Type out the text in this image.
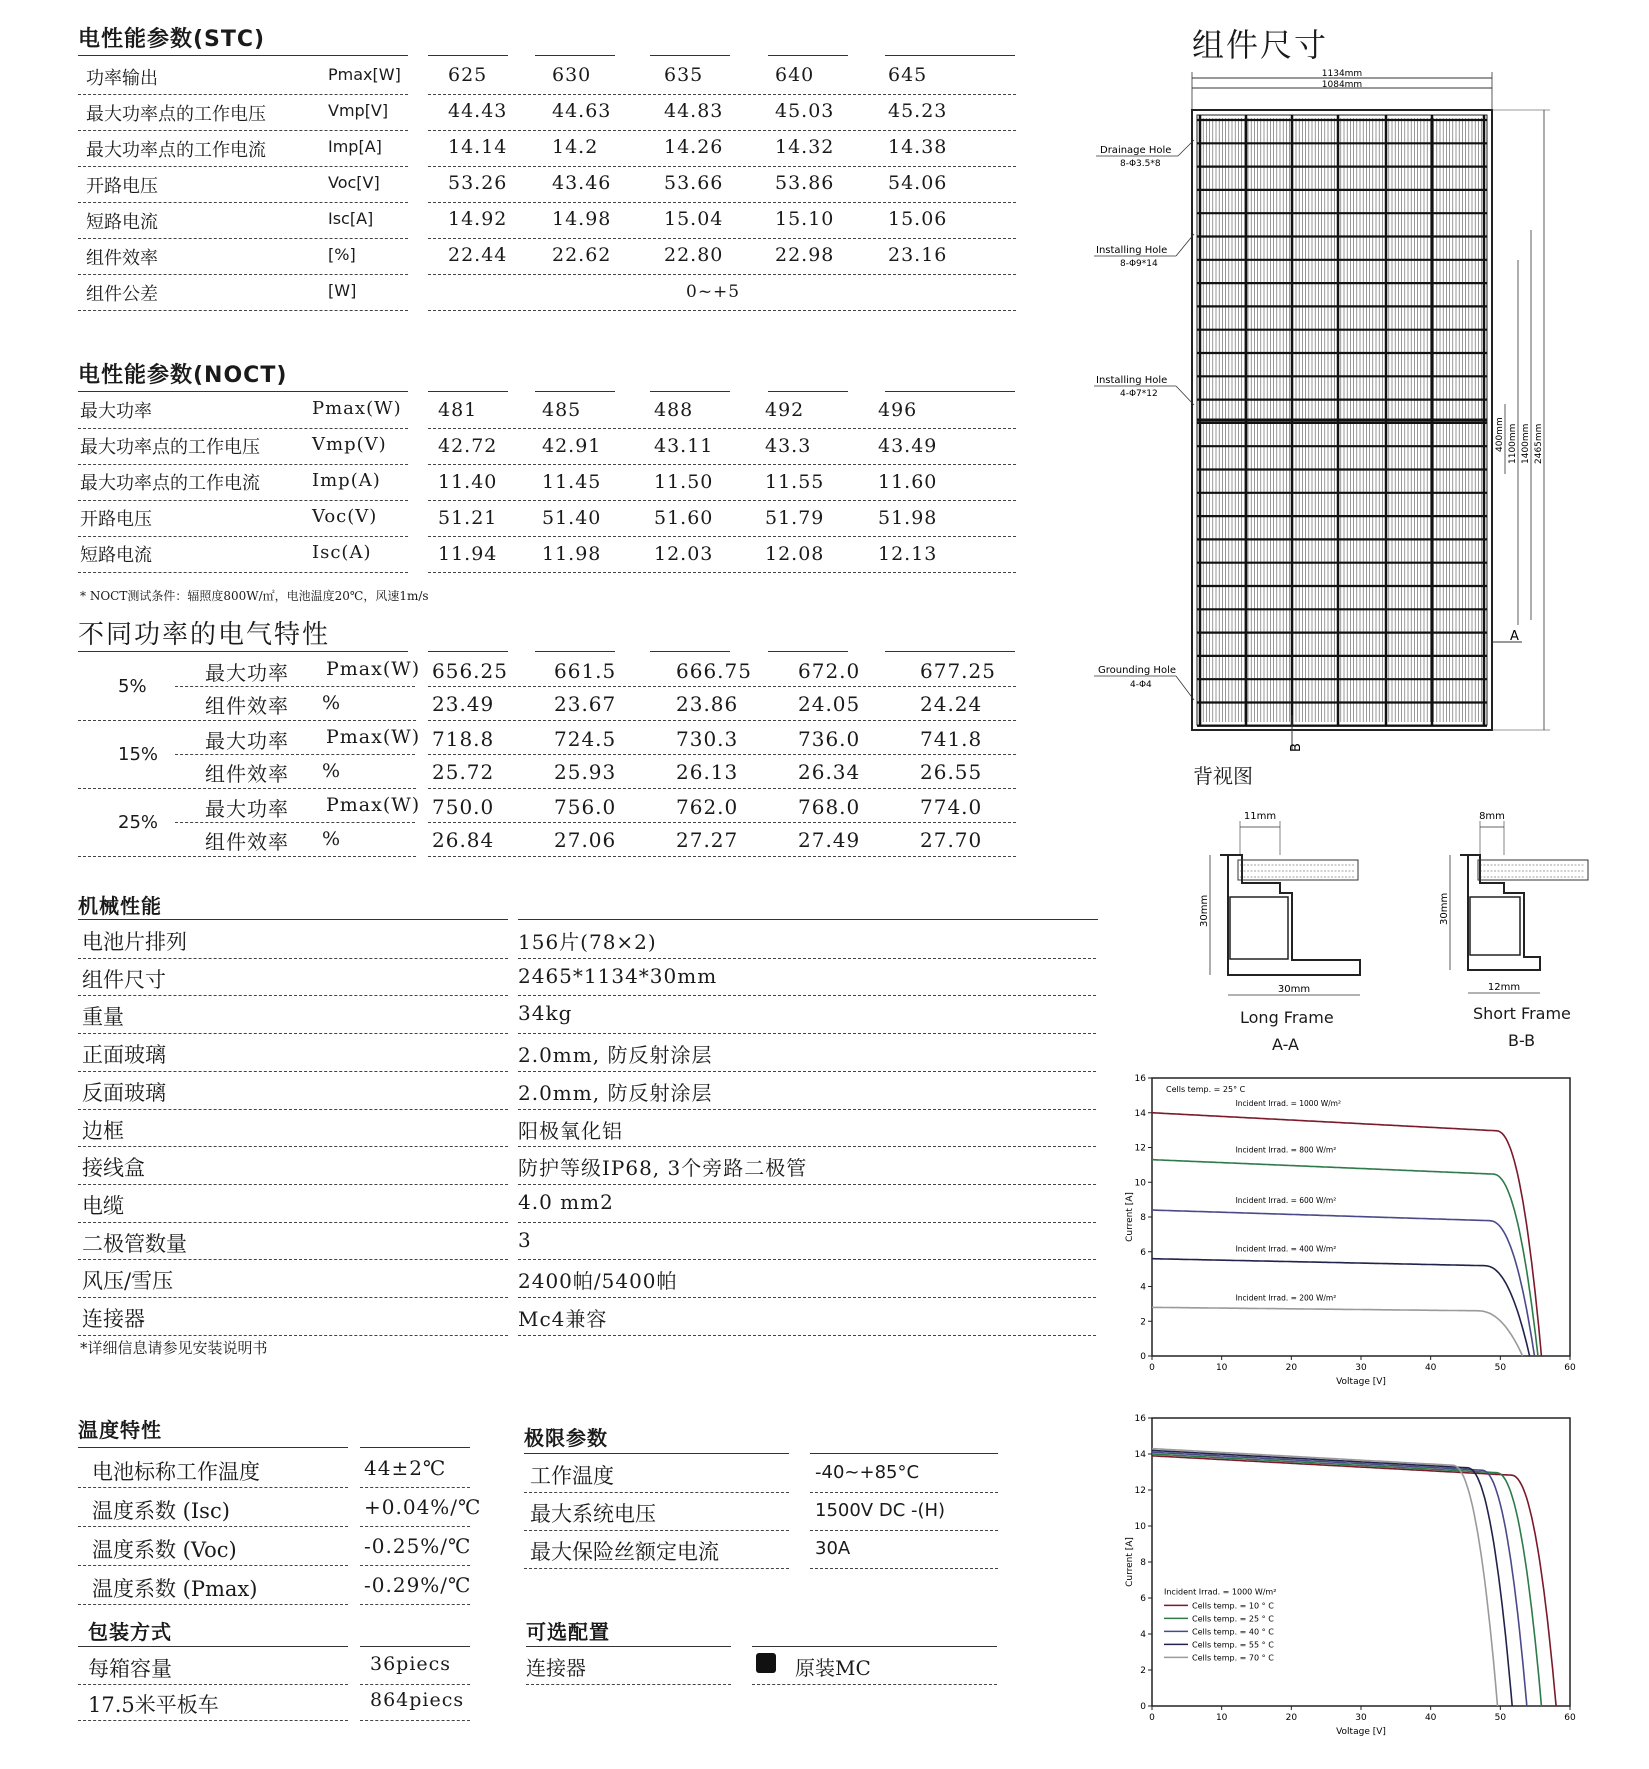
电性能参数(STC)
功率输出	Pmax[W] 625	630	635	640	645
最大功率点的工作电压	Vmp[V]	44.43 44.63	44.83	45.03	45.23
最大功率点的工作电流	Imp[A]	14.14 14.2	14.26	14.32	14.38
开路电压	Voc[V]	53.26 43.46	53.66	53.86	54.06
短路电流	Isc[A]	14.92 14.98	15.04	15.10	15.06
组件效率	[%]	22.44 22.62	22.80	22.98	23.16
组件公差	[W]	0~+5
电性能参数(NOCT)
最大功率	Pmax(W) 481	485	488	492	496
最大功率点的工作电压	Vmp(V)	42.72 42.91	43.11	43.3	43.49
最大功率点的工作电流	Imp(A)	11.40 11.45	11.50	11.55	11.60
开路电压	Voc(V)	51.21 51.40	51.60	51.79	51.98
短路电流	Isc(A)	11.94 11.98	12.03	12.08	12.13
* NOCT测试条件：辐照度800W/㎡，电池温度20℃，风速1m/s
不同功率的电气特性
5%
最大功率 Pmax(W) 656.25 661.5	666.75 672.0	677.25
组件效率 %	23.49	23.67	23.86	24.05	24.24
15%
最大功率 Pmax(W) 718.8	724.5	730.3	736.0	741.8
组件效率 %	25.72	25.93	26.13	26.34	26.55
25%
最大功率 Pmax(W) 750.0	756.0	762.0	768.0	774.0
组件效率 %	26.84	27.06	27.27	27.49	27.70
机械性能
电池片排列	156片(78×2)
组件尺寸	2465*1134*30mm
重量	34kg
正面玻璃	2.0mm, 防反射涂层
反面玻璃	2.0mm, 防反射涂层
边框	阳极氧化铝
接线盒	防护等级IP68, 3个旁路二极管
电缆	4.0 mm2
二极管数量	3
风压/雪压	2400帕/5400帕
连接器	Mc4兼容
*详细信息请参见安装说明书
温度特性
电池标称工作温度	44±2℃
温度系数 (Isc)	+0.04%/℃
温度系数 (Voc)	-0.25%/℃
温度系数 (Pmax)	-0.29%/℃
极限参数
工作温度	-40~+85°C
最大系统电压	1500V DC -(H)
最大保险丝额定电流	30A
包装方式
每箱容量	36piecs
17.5米平板车	864piecs
可选配置
连接器	原装MC
组件尺寸
1134mm
1084mm
Drainage Hole
8-Φ3.5*8
Installing Hole
8-Φ9*14
Installing Hole
4-Φ7*12
Grounding Hole
4-Φ4
400mm 1100mm 1400mm 2465mm
A
B
背视图
11mm
30mm
30mm
Long Frame
A-A
8mm
30mm
12mm
Short Frame
B-B
0	10	20	30	40	50	60
0
2
4
6
8
10
12
14
16
Voltage [V]
Current [A]
Cells temp. = 25° C
Incident Irrad. = 1000 W/m²
Incident Irrad. = 800 W/m²
Incident Irrad. = 600 W/m²
Incident Irrad. = 400 W/m²
Incident Irrad. = 200 W/m²
0	10	20	30	40	50	60
0
2
4
6
8
10
12
14
16
Voltage [V]
Current [A]
Incident Irrad. = 1000 W/m²
Cells temp. = 10 ° C
Cells temp. = 25 ° C
Cells temp. = 40 ° C
Cells temp. = 55 ° C
Cells temp. = 70 ° C
